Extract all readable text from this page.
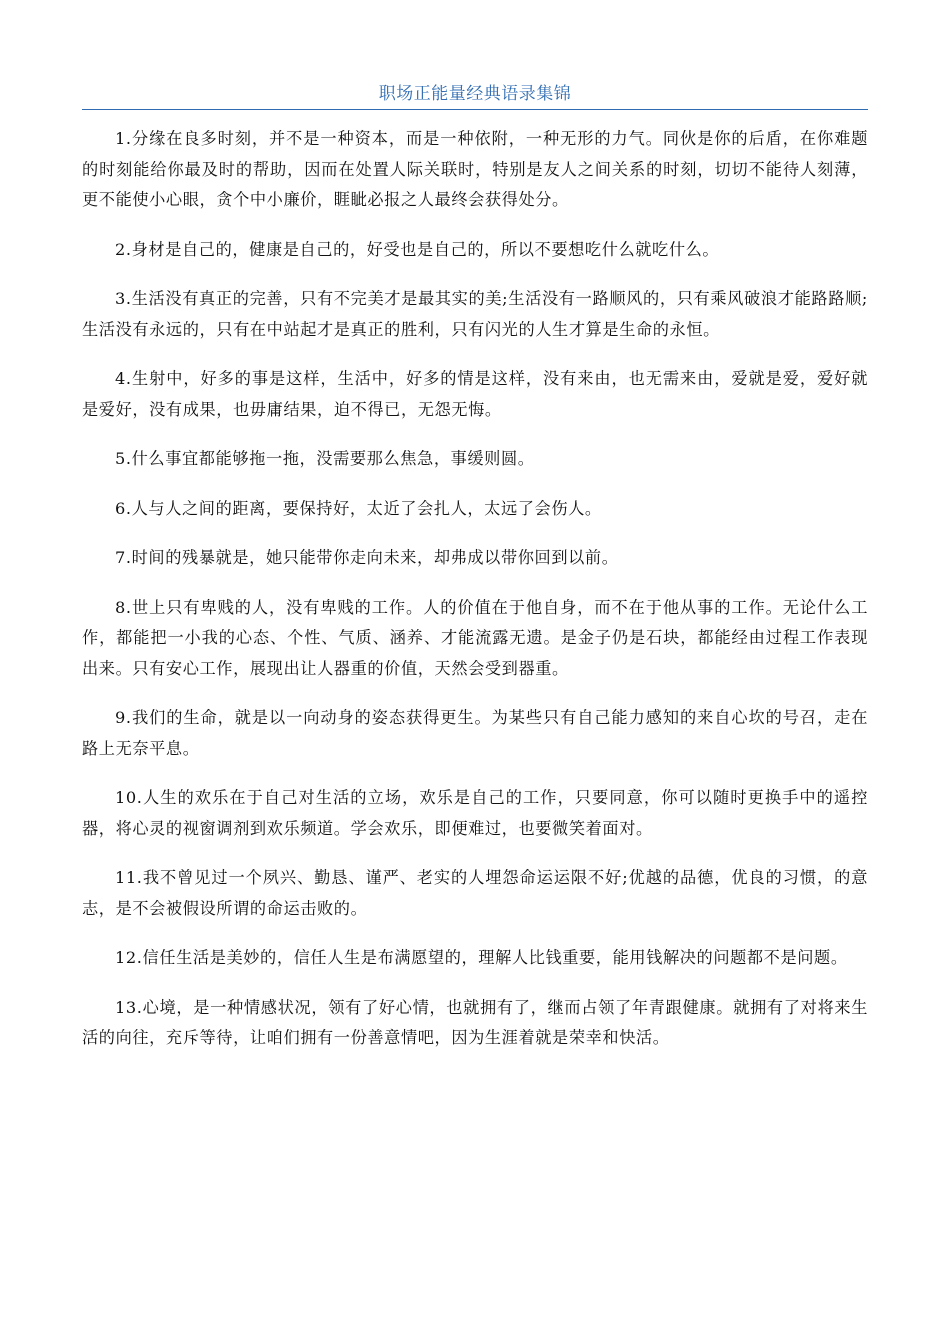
职场正能量经典语录集锦

1.分缘在良多时刻，并不是一种资本，而是一种依附，一种无形的力气。同伙是你的后盾，在你难题的时刻能给你最及时的帮助，因而在处置人际关联时，特别是友人之间关系的时刻，切切不能待人刻薄，更不能使小心眼，贪个中小廉价，睚眦必报之人最终会获得处分。

2.身材是自己的，健康是自己的，好受也是自己的，所以不要想吃什么就吃什么。

3.生活没有真正的完善，只有不完美才是最其实的美;生活没有一路顺风的，只有乘风破浪才能路路顺;生活没有永远的，只有在中站起才是真正的胜利，只有闪光的人生才算是生命的永恒。

4.生射中，好多的事是这样，生活中，好多的情是这样，没有来由，也无需来由，爱就是爱，爱好就是爱好，没有成果，也毋庸结果，迫不得已，无怨无悔。

5.什么事宜都能够拖一拖，没需要那么焦急，事缓则圆。

6.人与人之间的距离，要保持好，太近了会扎人，太远了会伤人。

7.时间的残暴就是，她只能带你走向未来，却弗成以带你回到以前。

8.世上只有卑贱的人，没有卑贱的工作。人的价值在于他自身，而不在于他从事的工作。无论什么工作，都能把一小我的心态、个性、气质、涵养、才能流露无遗。是金子仍是石块，都能经由过程工作表现出来。只有安心工作，展现出让人器重的价值，天然会受到器重。

9.我们的生命，就是以一向动身的姿态获得更生。为某些只有自己能力感知的来自心坎的号召，走在路上无奈平息。

10.人生的欢乐在于自己对生活的立场，欢乐是自己的工作，只要同意，你可以随时更换手中的遥控器，将心灵的视窗调剂到欢乐频道。学会欢乐，即便难过，也要微笑着面对。

11.我不曾见过一个夙兴、勤恳、谨严、老实的人埋怨命运运限不好;优越的品德，优良的习惯，的意志，是不会被假设所谓的命运击败的。

12.信任生活是美妙的，信任人生是布满愿望的，理解人比钱重要，能用钱解决的问题都不是问题。

13.心境，是一种情感状况，领有了好心情，也就拥有了，继而占领了年青跟健康。就拥有了对将来生活的向往，充斥等待，让咱们拥有一份善意情吧，因为生涯着就是荣幸和快活。
